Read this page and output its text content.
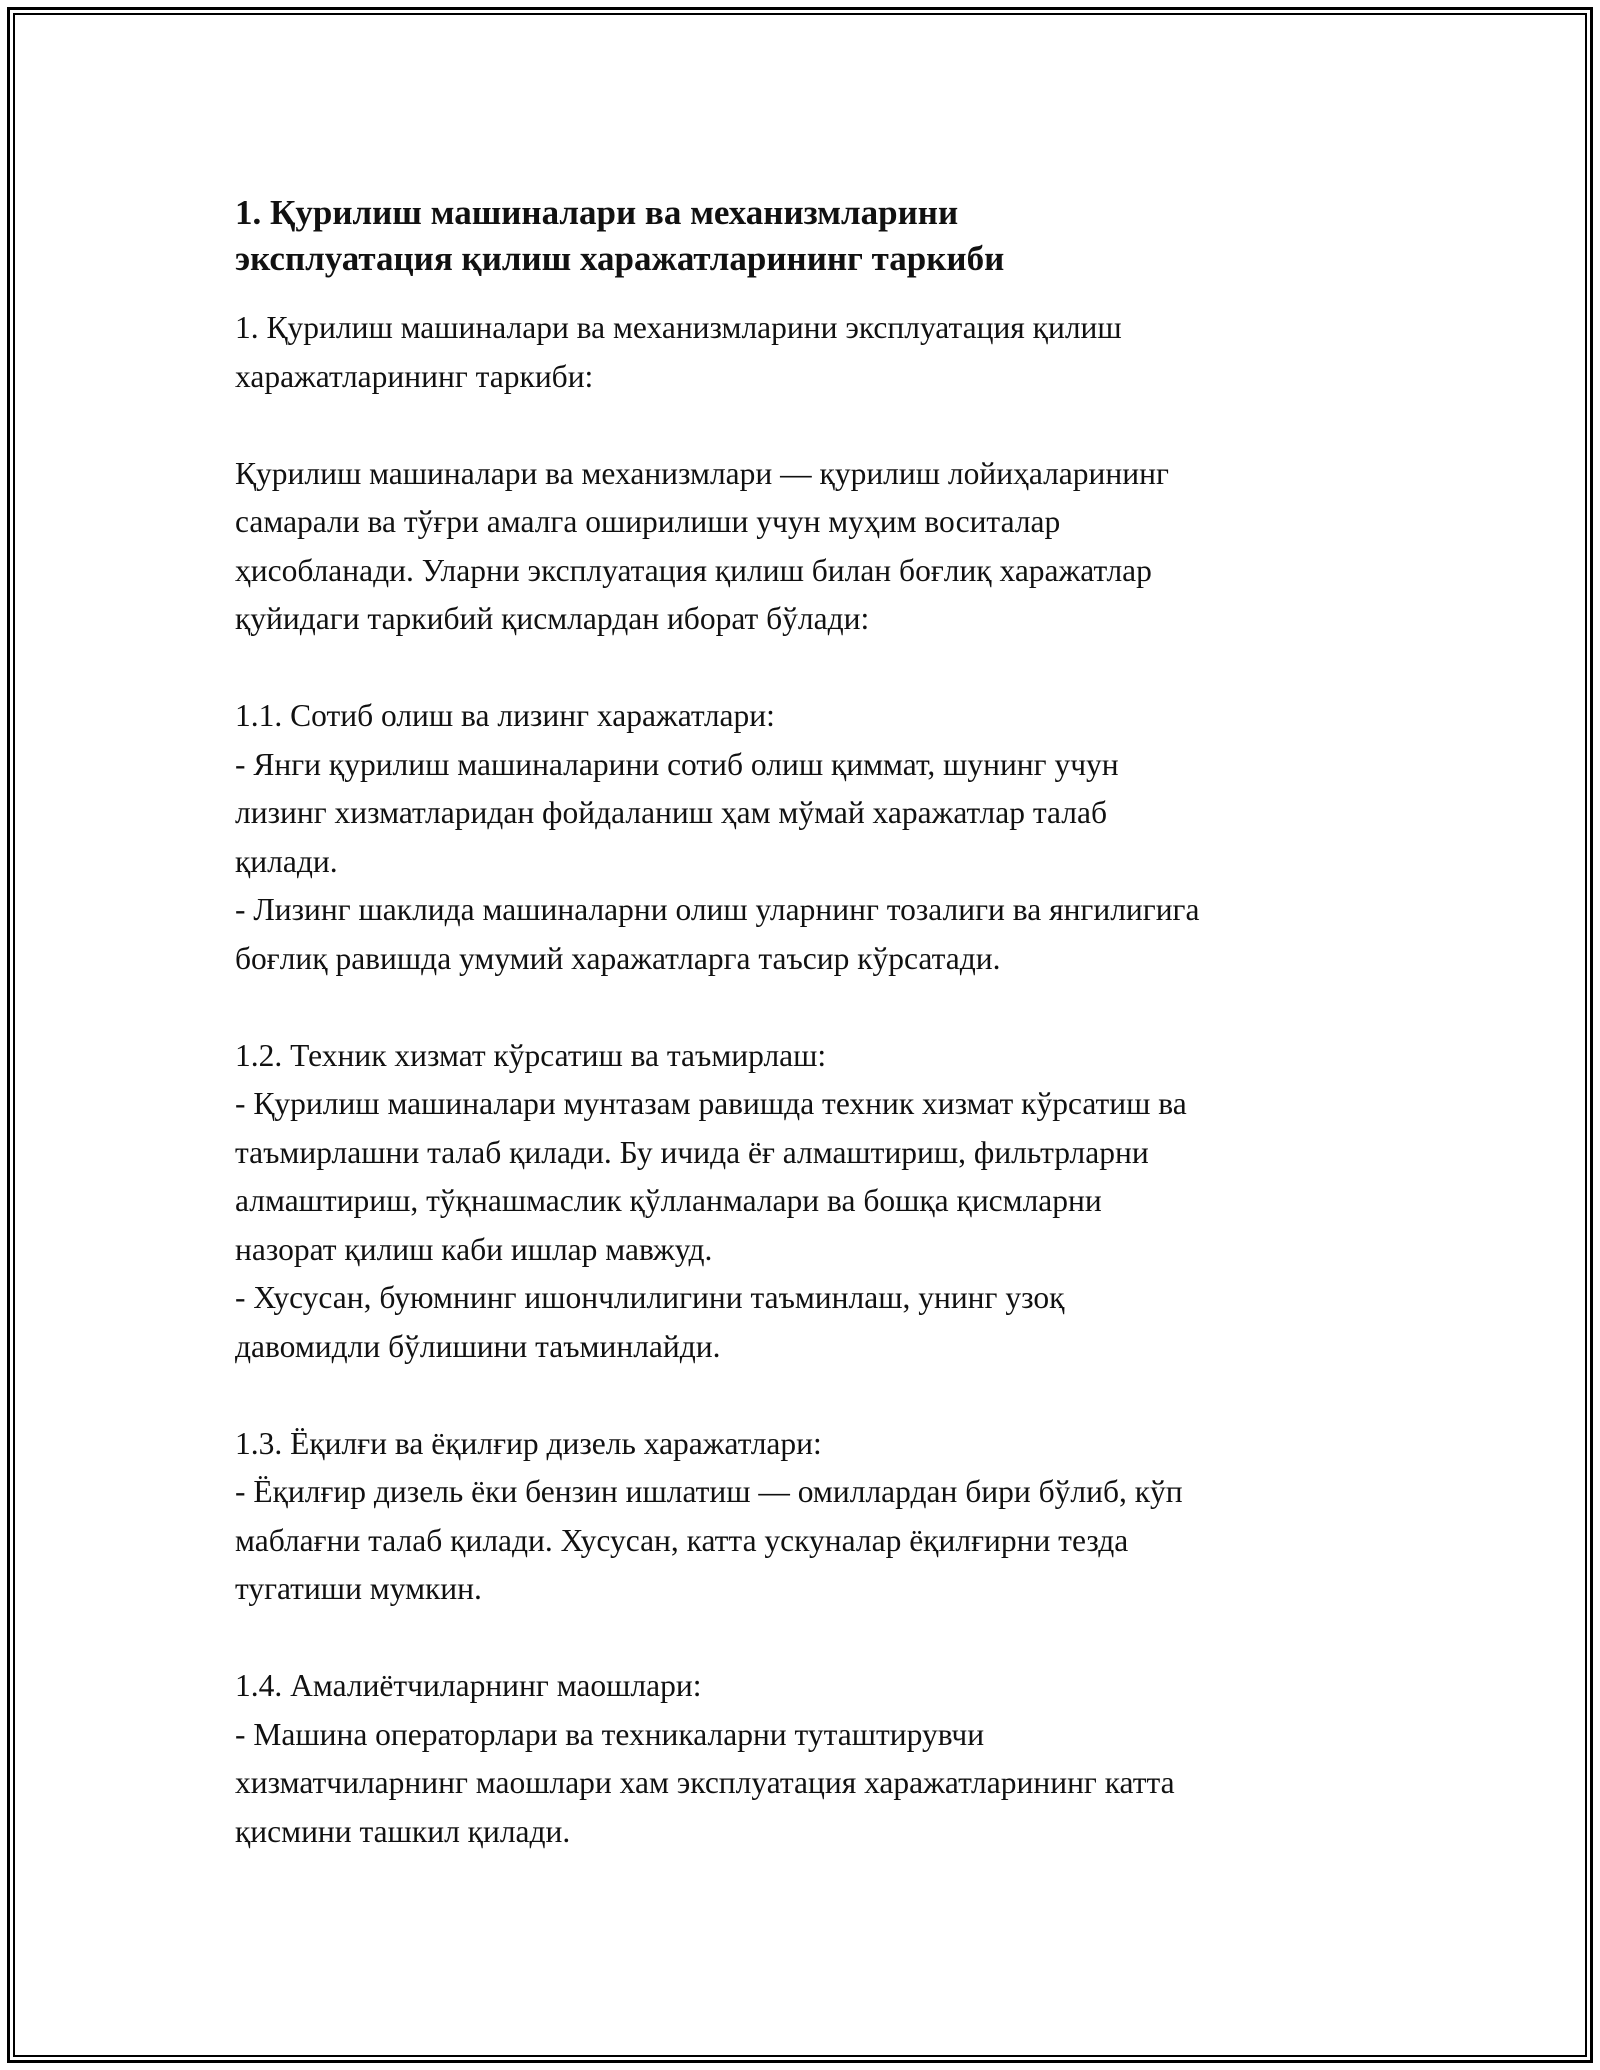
1. Қурилиш машиналари ва механизмларини
эксплуатация қилиш харажатларининг таркиби
1. Қурилиш машиналари ва механизмларини эксплуатация қилиш
харажатларининг таркиби:
Қурилиш машиналари ва механизмлари — қурилиш лойиҳаларининг
самарали ва тўғри амалга оширилиши учун муҳим воситалар
ҳисобланади. Уларни эксплуатация қилиш билан боғлиқ харажатлар
қуйидаги таркибий қисмлардан иборат бўлади:
1.1. Сотиб олиш ва лизинг харажатлари:
- Янги қурилиш машиналарини сотиб олиш қиммат, шунинг учун
лизинг хизматларидан фойдаланиш ҳам мўмай харажатлар талаб
қилади.
- Лизинг шаклида машиналарни олиш уларнинг тозалиги ва янгилигига
боғлиқ равишда умумий харажатларга таъсир кўрсатади.
1.2. Техник хизмат кўрсатиш ва таъмирлаш:
- Қурилиш машиналари мунтазам равишда техник хизмат кўрсатиш ва
таъмирлашни талаб қилади. Бу ичида ёғ алмаштириш, фильтрларни
алмаштириш, тўқнашмаслик қўлланмалари ва бошқа қисмларни
назорат қилиш каби ишлар мавжуд.
- Хусусан, буюмнинг ишончлилигини таъминлаш, унинг узоқ
давомидли бўлишини таъминлайди.
1.3. Ёқилғи ва ёқилғир дизель харажатлари:
- Ёқилғир дизель ёки бензин ишлатиш — омиллардан бири бўлиб, кўп
маблағни талаб қилади. Хусусан, катта ускуналар ёқилғирни тезда
тугатиши мумкин.
1.4. Амалиётчиларнинг маошлари:
- Машина операторлари ва техникаларни туташтирувчи
хизматчиларнинг маошлари хам эксплуатация харажатларининг катта
қисмини ташкил қилади.
